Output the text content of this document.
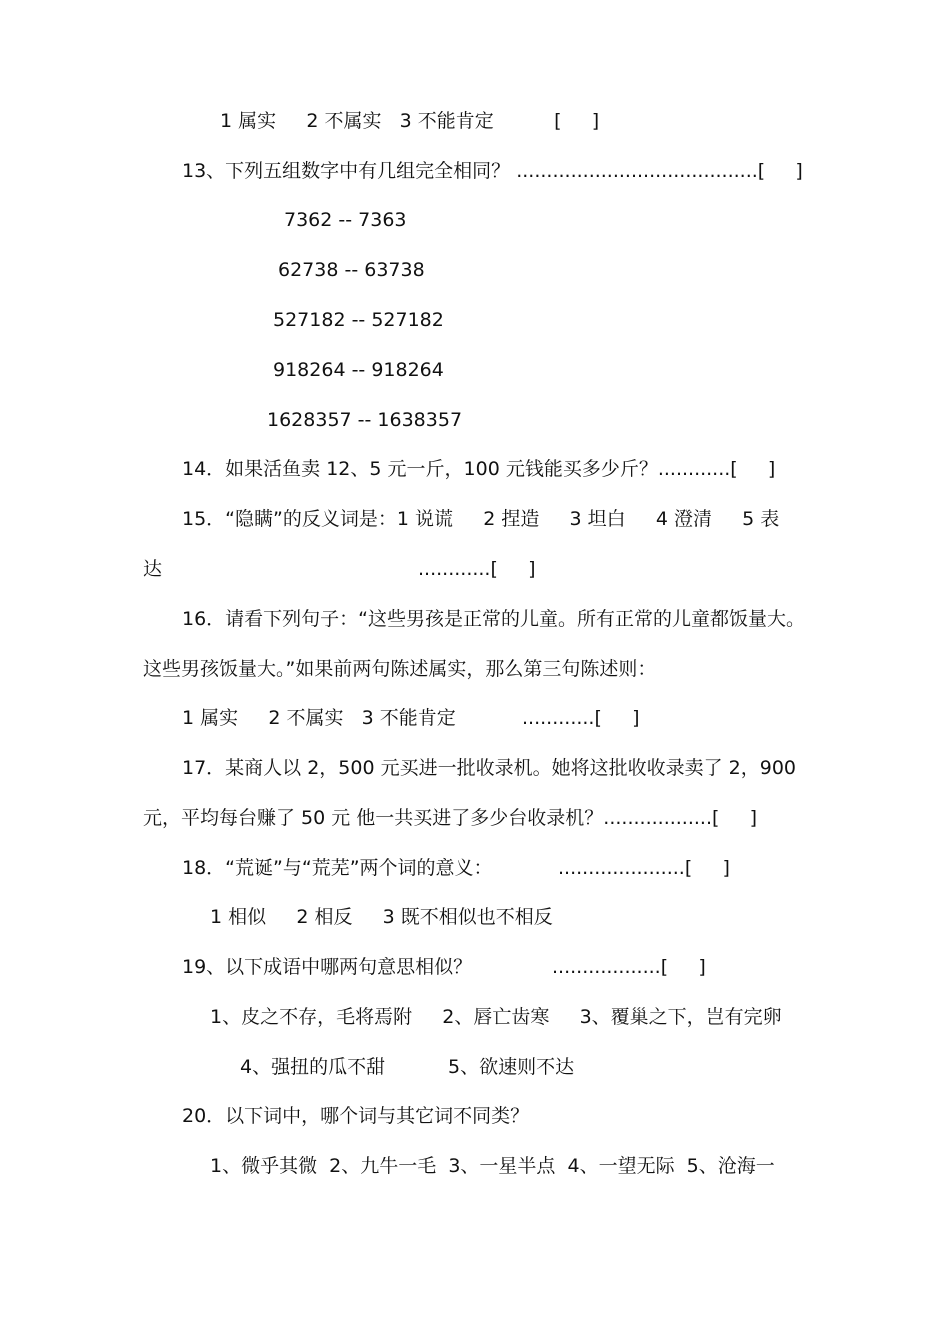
1 属实     2 不属实   3 不能肯定          [     ]
13、下列五组数字中有几组完全相同？ ........................................[     ]
7362 -- 7363
62738 -- 63738
527182 -- 527182
918264 -- 918264
1628357 -- 1638357
14．如果活鱼卖 12、5 元一斤，100 元钱能买多少斤？............[     ]
15．“隐瞒”的反义词是：1 说谎     2 捏造     3 坦白     4 澄清     5 表
达	............[     ]
16．请看下列句子：“这些男孩是正常的儿童。所有正常的儿童都饭量大。
这些男孩饭量大。”如果前两句陈述属实，那么第三句陈述则：
1 属实     2 不属实   3 不能肯定	............[     ]
17．某商人以 2，500 元买进一批收录机。她将这批收收录卖了 2，900
元，平均每台赚了 50 元 他一共买进了多少台收录机？..................[     ]
18．“荒诞”与“荒芜”两个词的意义：	.....................[     ]
1 相似     2 相反     3 既不相似也不相反
19、以下成语中哪两句意思相似？	..................[     ]
1、皮之不存，毛将焉附     2、唇亡齿寒     3、覆巢之下，岂有完卵
4、强扭的瓜不甜	5、欲速则不达
20．以下词中，哪个词与其它词不同类？
1、微乎其微  2、九牛一毛  3、一星半点  4、一望无际  5、沧海一
